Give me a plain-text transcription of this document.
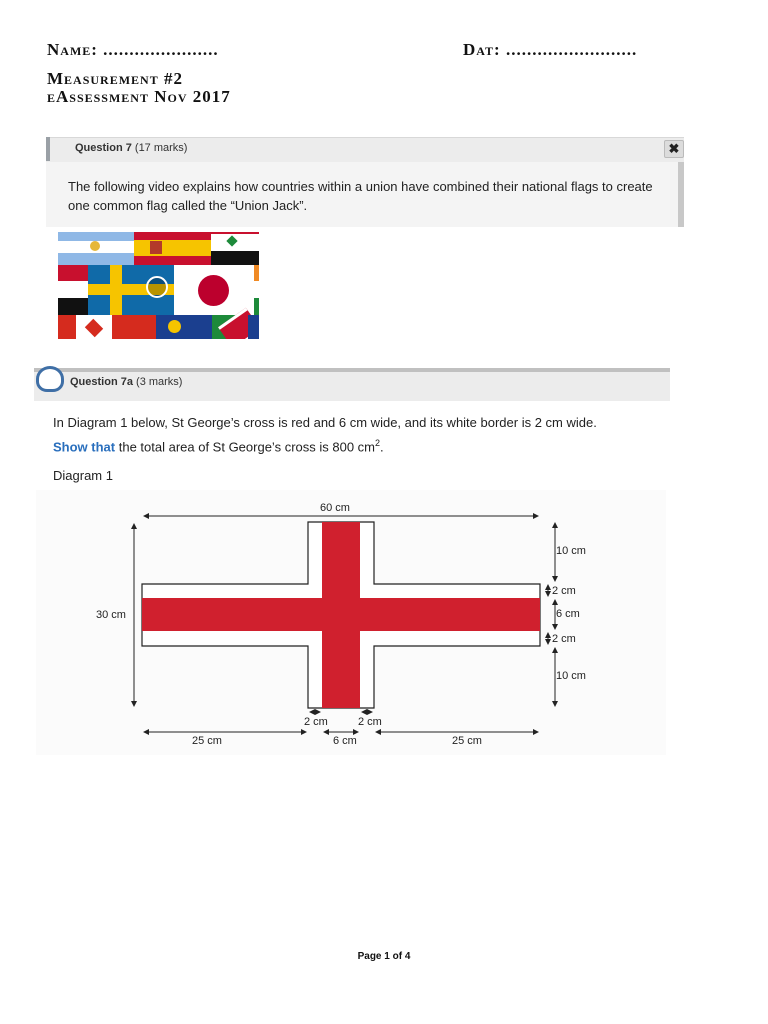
Name: ......................	Dat: .........................
Measurement #2
eAssessment Nov 2017
Question 7 (17 marks)	✖
The following video explains how countries within a union have combined their national flags to create one common flag called the “Union Jack”.
Question 7a (3 marks)
In Diagram 1 below, St George’s cross is red and 6 cm wide, and its white border is 2 cm wide.
Show that the total area of St George’s cross is 800 $cm^2$.
Diagram 1
60 cm
30 cm
10 cm
2 cm
6 cm
2 cm
10 cm
2 cm	2 cm
25 cm	6 cm	25 cm
Page 1 of 4
